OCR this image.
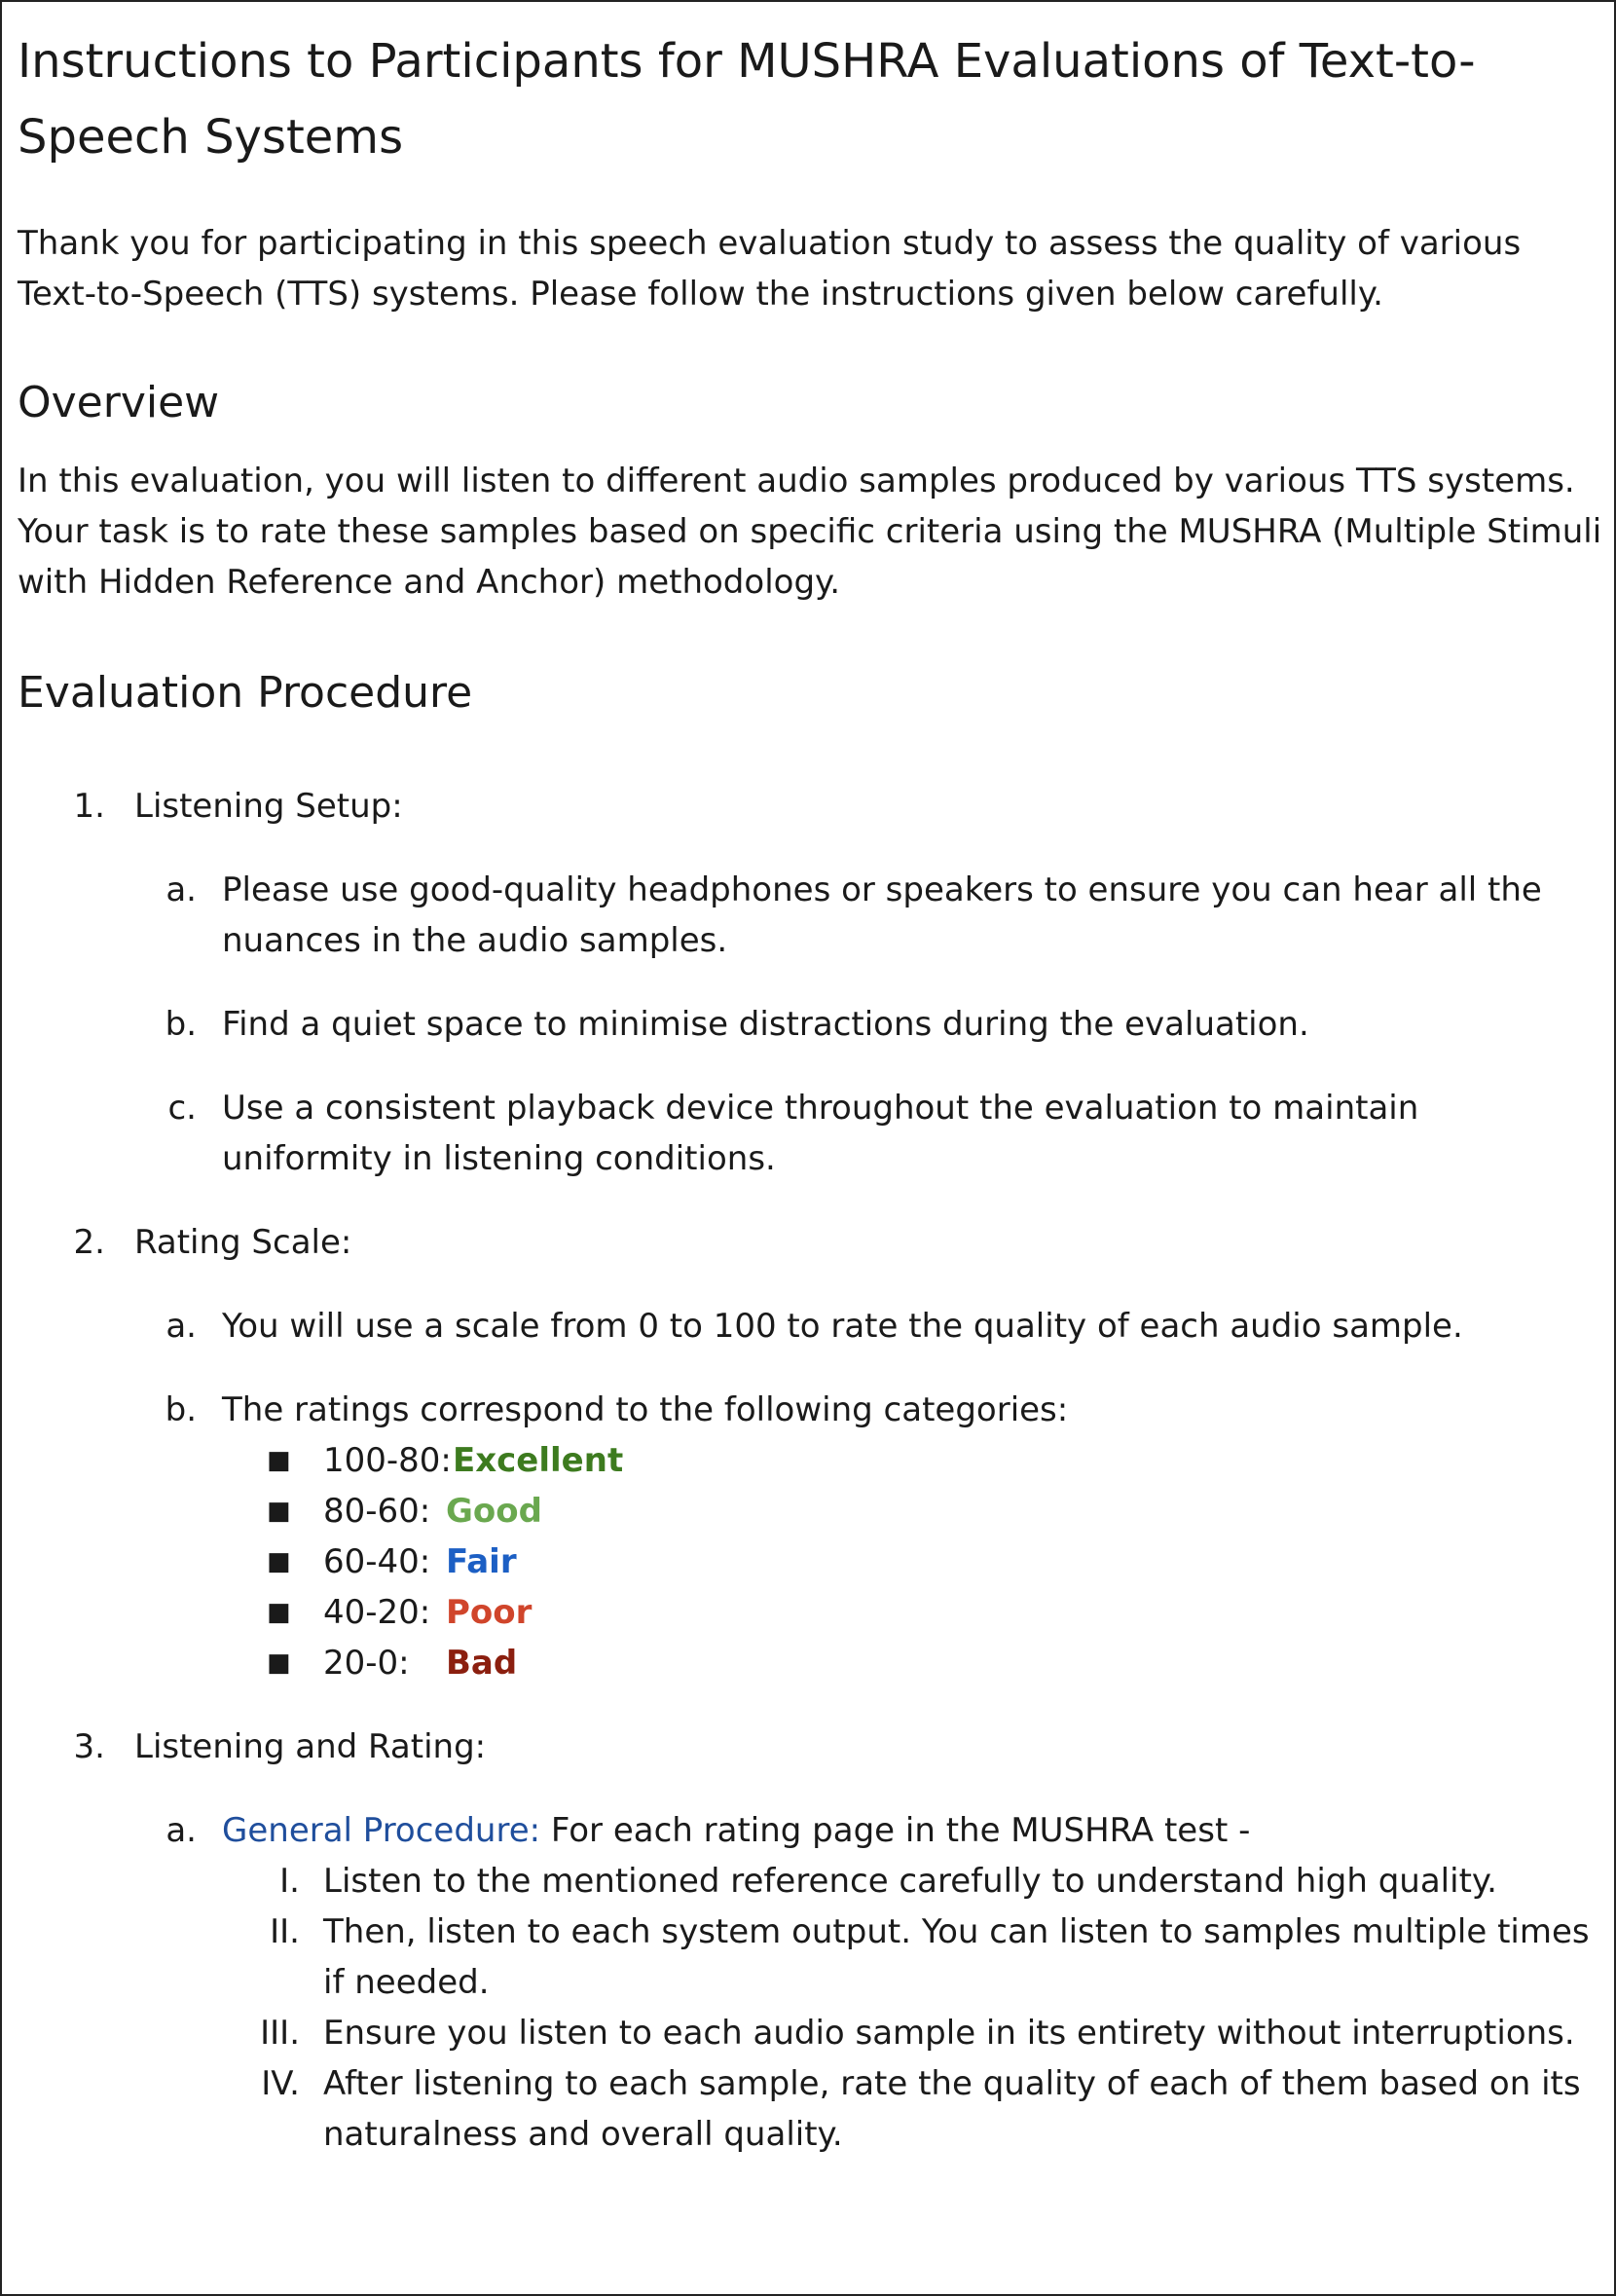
Instructions to Participants for MUSHRA Evaluations of Text-to-Speech Systems

Thank you for participating in this speech evaluation study to assess the quality of various Text-to-Speech (TTS) systems. Please follow the instructions given below carefully.

Overview

In this evaluation, you will listen to different audio samples produced by various TTS systems. Your task is to rate these samples based on specific criteria using the MUSHRA (Multiple Stimuli with Hidden Reference and Anchor) methodology.

Evaluation Procedure
1. Listening Setup:
a. Please use good-quality headphones or speakers to ensure you can hear all the nuances in the audio samples.
b. Find a quiet space to minimise distractions during the evaluation.
c. Use a consistent playback device throughout the evaluation to maintain uniformity in listening conditions.
2. Rating Scale:
a. You will use a scale from 0 to 100 to rate the quality of each audio sample.
b. The ratings correspond to the following categories:
■ 100-80: Excellent
■ 80-60: Good
■ 60-40: Fair
■ 40-20: Poor
■ 20-0: Bad
3. Listening and Rating:
a. General Procedure: For each rating page in the MUSHRA test -
I. Listen to the mentioned reference carefully to understand high quality.
II. Then, listen to each system output. You can listen to samples multiple times if needed.
III. Ensure you listen to each audio sample in its entirety without interruptions.
IV. After listening to each sample, rate the quality of each of them based on its naturalness and overall quality.
